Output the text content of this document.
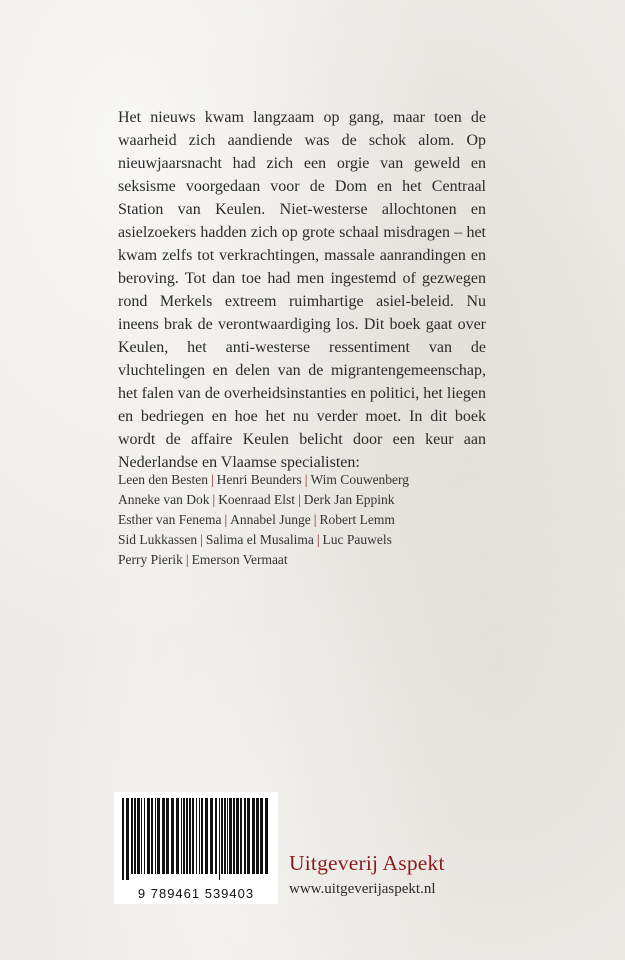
Het nieuws kwam langzaam op gang, maar toen de waarheid zich aandiende was de schok alom. Op nieuwjaarsnacht had zich een orgie van geweld en seksisme voorgedaan voor de Dom en het Centraal Station van Keulen. Niet-westerse allochtonen en asielzoekers hadden zich op grote schaal misdragen – het kwam zelfs tot verkrachtingen, massale aanrandingen en beroving. Tot dan toe had men ingestemd of gezwegen rond Merkels extreem ruimhartige asiel-beleid. Nu ineens brak de verontwaardiging los. Dit boek gaat over Keulen, het anti-westerse ressentiment van de vluchtelingen en delen van de migrantengemeenschap, het falen van de overheidsinstanties en politici, het liegen en bedriegen en hoe het nu verder moet. In dit boek wordt de affaire Keulen belicht door een keur aan Nederlandse en Vlaamse specialisten:
Leen den Besten | Henri Beunders | Wim Couwenberg
Anneke van Dok | Koenraad Elst | Derk Jan Eppink
Esther van Fenema | Annabel Junge | Robert Lemm
Sid Lukkassen | Salima el Musalima | Luc Pauwels
Perry Pierik | Emerson Vermaat
9 789461 539403
Uitgeverij Aspekt
www.uitgeverijaspekt.nl
